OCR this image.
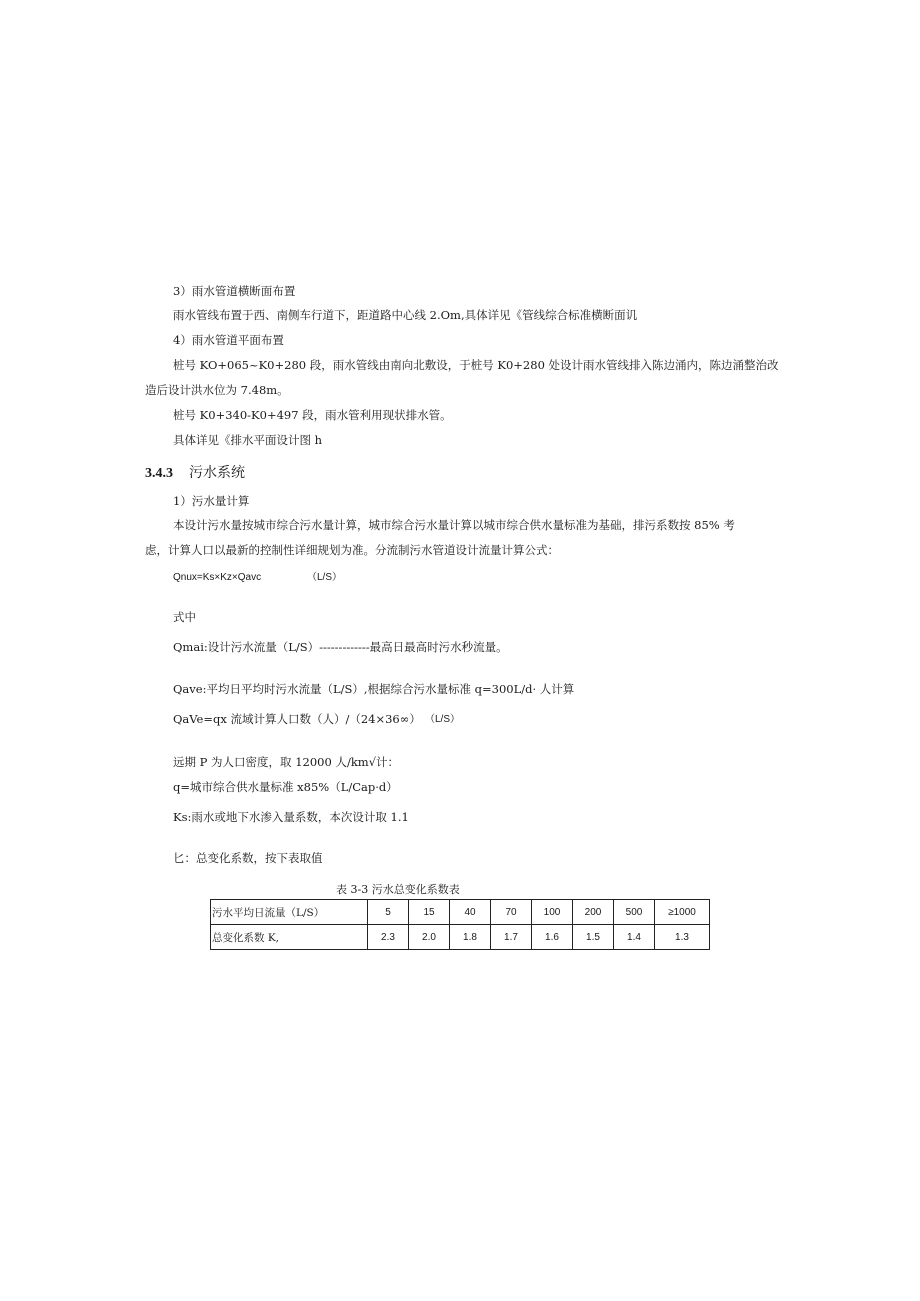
3）雨水管道横断面布置
雨水管线布置于西、南侧车行道下，距道路中心线 2.Om,具体详见《管线综合标准横断面讥
4）雨水管道平面布置
桩号 KO+065~K0+280 段，雨水管线由南向北敷设，于桩号 K0+280 处设计雨水管线排入陈边涌内，陈边涌整治改
造后设计洪水位为 7.48m。
桩号 K0+340-K0+497 段，雨水管利用现状排水管。
具体详见《排水平面设计图 h
3.4.3 污水系统
1）污水量计算
本设计污水量按城市综合污水量计算，城市综合污水量计算以城市综合供水量标准为基础，排污系数按 85% 考
虑，计算人口以最新的控制性详细规划为准。分流制污水管道设计流量计算公式：
Qnux=Ks×Kz×Qavc	（L/S）
式中
Qmai:设计污水流量（L/S）-------------最高日最高时污水秒流量。
Qave:平均日平均时污水流量（L/S）,根据综合污水量标准 q=300L/d· 人计算
QaVe=qx 流域计算人口数（人）/（24×36∞） （L/S）
远期 P 为人口密度，取 12000 人/km√计：
q=城市综合供水量标准 x85%（L/Cap·d）
Ks:雨水或地下水渗入量系数，本次设计取 1.1
匕：总变化系数，按下表取值
表 3-3 污水总变化系数表
污水平均日流量（L/S）	5	15	40	70	100	200	500	≥1000
总变化系数 K,	2.3	2.0	1.8	1.7	1.6	1.5	1.4	1.3
